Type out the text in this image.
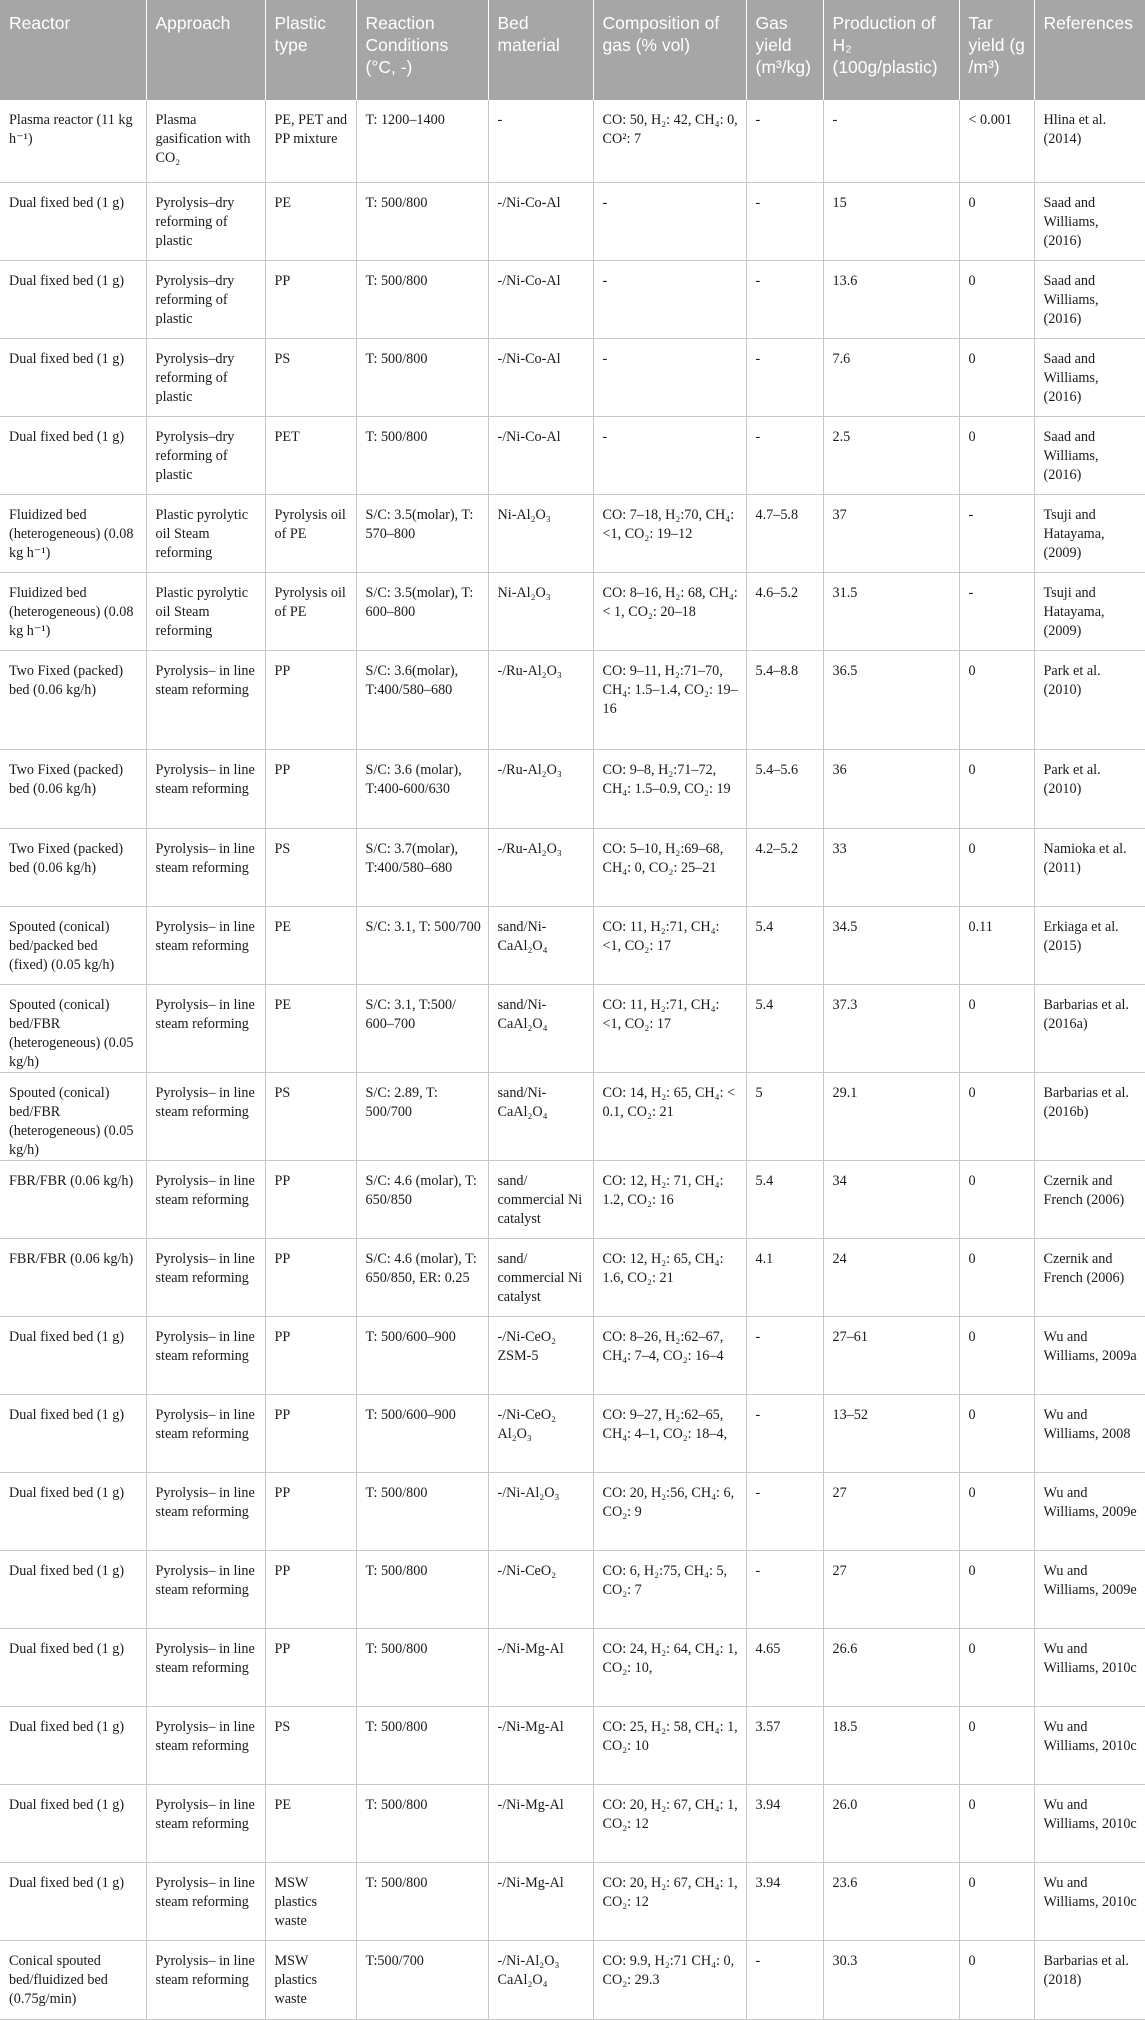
Reactor	Approach	Plastic type	Reaction Conditions (°C, -)	Bed material	Composition of gas (% vol)	Gas yield (m³/kg)	Production of H₂ (100g/plastic)	Tar yield (g /m³)	References
Plasma reactor (11 kg h⁻¹)	Plasma gasification with CO₂	PE, PET and PP mixture	T: 1200–1400	-	CO: 50, H₂: 42, CH₄: 0, CO²: 7	-	-	< 0.001	Hlina et al. (2014)
Dual fixed bed (1 g)	Pyrolysis–dry reforming of plastic	PE	T: 500/800	-/Ni-Co-Al	-	-	15	0	Saad and Williams, (2016)
Dual fixed bed (1 g)	Pyrolysis–dry reforming of plastic	PP	T: 500/800	-/Ni-Co-Al	-	-	13.6	0	Saad and Williams, (2016)
Dual fixed bed (1 g)	Pyrolysis–dry reforming of plastic	PS	T: 500/800	-/Ni-Co-Al	-	-	7.6	0	Saad and Williams, (2016)
Dual fixed bed (1 g)	Pyrolysis–dry reforming of plastic	PET	T: 500/800	-/Ni-Co-Al	-	-	2.5	0	Saad and Williams, (2016)
Fluidized bed (heterogeneous) (0.08 kg h⁻¹)	Plastic pyrolytic oil Steam reforming	Pyrolysis oil of PE	S/C: 3.5(molar), T: 570–800	Ni-Al₂O₃	CO: 7–18, H₂:70, CH₄:<1, CO₂: 19–12	4.7–5.8	37	-	Tsuji and Hatayama, (2009)
Fluidized bed (heterogeneous) (0.08 kg h⁻¹)	Plastic pyrolytic oil Steam reforming	Pyrolysis oil of PE	S/C: 3.5(molar), T: 600–800	Ni-Al₂O₃	CO: 8–16, H₂: 68, CH₄:< 1, CO₂: 20–18	4.6–5.2	31.5	-	Tsuji and Hatayama, (2009)
Two Fixed (packed) bed (0.06 kg/h)	Pyrolysis– in line steam reforming	PP	S/C: 3.6(molar), T:400/580–680	-/Ru-Al₂O₃	CO: 9–11, H₂:71–70, CH₄: 1.5–1.4, CO₂: 19–16	5.4–8.8	36.5	0	Park et al. (2010)
Two Fixed (packed) bed (0.06 kg/h)	Pyrolysis– in line steam reforming	PP	S/C: 3.6 (molar), T:400-600/630	-/Ru-Al₂O₃	CO: 9–8, H₂:71–72, CH₄: 1.5–0.9, CO₂: 19	5.4–5.6	36	0	Park et al. (2010)
Two Fixed (packed) bed (0.06 kg/h)	Pyrolysis– in line steam reforming	PS	S/C: 3.7(molar), T:400/580–680	-/Ru-Al₂O₃	CO: 5–10, H₂:69–68, CH₄: 0, CO₂: 25–21	4.2–5.2	33	0	Namioka et al. (2011)
Spouted (conical) bed/packed bed (fixed) (0.05 kg/h)	Pyrolysis– in line steam reforming	PE	S/C: 3.1, T: 500/700	sand/Ni-CaAl₂O₄	CO: 11, H₂:71, CH₄: <1, CO₂: 17	5.4	34.5	0.11	Erkiaga et al. (2015)
Spouted (conical) bed/FBR (heterogeneous) (0.05 kg/h)	Pyrolysis– in line steam reforming	PE	S/C: 3.1, T:500/ 600–700	sand/Ni-CaAl₂O₄	CO: 11, H₂:71, CH₄: <1, CO₂: 17	5.4	37.3	0	Barbarias et al. (2016a)
Spouted (conical) bed/FBR (heterogeneous) (0.05 kg/h)	Pyrolysis– in line steam reforming	PS	S/C: 2.89, T: 500/700	sand/Ni-CaAl₂O₄	CO: 14, H₂: 65, CH₄: < 0.1, CO₂: 21	5	29.1	0	Barbarias et al. (2016b)
FBR/FBR (0.06 kg/h)	Pyrolysis– in line steam reforming	PP	S/C: 4.6 (molar), T: 650/850	sand/ commercial Ni catalyst	CO: 12, H₂: 71, CH₄: 1.2, CO₂: 16	5.4	34	0	Czernik and French (2006)
FBR/FBR (0.06 kg/h)	Pyrolysis– in line steam reforming	PP	S/C: 4.6 (molar), T: 650/850, ER: 0.25	sand/ commercial Ni catalyst	CO: 12, H₂: 65, CH₄: 1.6, CO₂: 21	4.1	24	0	Czernik and French (2006)
Dual fixed bed (1 g)	Pyrolysis– in line steam reforming	PP	T: 500/600–900	-/Ni-CeO₂ ZSM-5	CO: 8–26, H₂:62–67, CH₄: 7–4, CO₂: 16–4	-	27–61	0	Wu and Williams, 2009a
Dual fixed bed (1 g)	Pyrolysis– in line steam reforming	PP	T: 500/600–900	-/Ni-CeO₂ Al₂O₃	CO: 9–27, H₂:62–65, CH₄: 4–1, CO₂: 18–4,	-	13–52	0	Wu and Williams, 2008
Dual fixed bed (1 g)	Pyrolysis– in line steam reforming	PP	T: 500/800	-/Ni-Al₂O₃	CO: 20, H₂:56, CH₄: 6, CO₂: 9	-	27	0	Wu and Williams, 2009e
Dual fixed bed (1 g)	Pyrolysis– in line steam reforming	PP	T: 500/800	-/Ni-CeO₂	CO: 6, H₂:75, CH₄: 5, CO₂: 7	-	27	0	Wu and Williams, 2009e
Dual fixed bed (1 g)	Pyrolysis– in line steam reforming	PP	T: 500/800	-/Ni-Mg-Al	CO: 24, H₂: 64, CH₄: 1, CO₂: 10,	4.65	26.6	0	Wu and Williams, 2010c
Dual fixed bed (1 g)	Pyrolysis– in line steam reforming	PS	T: 500/800	-/Ni-Mg-Al	CO: 25, H₂: 58, CH₄: 1, CO₂: 10	3.57	18.5	0	Wu and Williams, 2010c
Dual fixed bed (1 g)	Pyrolysis– in line steam reforming	PE	T: 500/800	-/Ni-Mg-Al	CO: 20, H₂: 67, CH₄: 1, CO₂: 12	3.94	26.0	0	Wu and Williams, 2010c
Dual fixed bed (1 g)	Pyrolysis– in line steam reforming	MSW plastics waste	T: 500/800	-/Ni-Mg-Al	CO: 20, H₂: 67, CH₄: 1, CO₂: 12	3.94	23.6	0	Wu and Williams, 2010c
Conical spouted bed/fluidized bed (0.75g/min)	Pyrolysis– in line steam reforming	MSW plastics waste	T:500/700	-/Ni-Al₂O₃ CaAl₂O₄	CO: 9.9, H₂:71 CH₄: 0, CO₂: 29.3	-	30.3	0	Barbarias et al. (2018)
